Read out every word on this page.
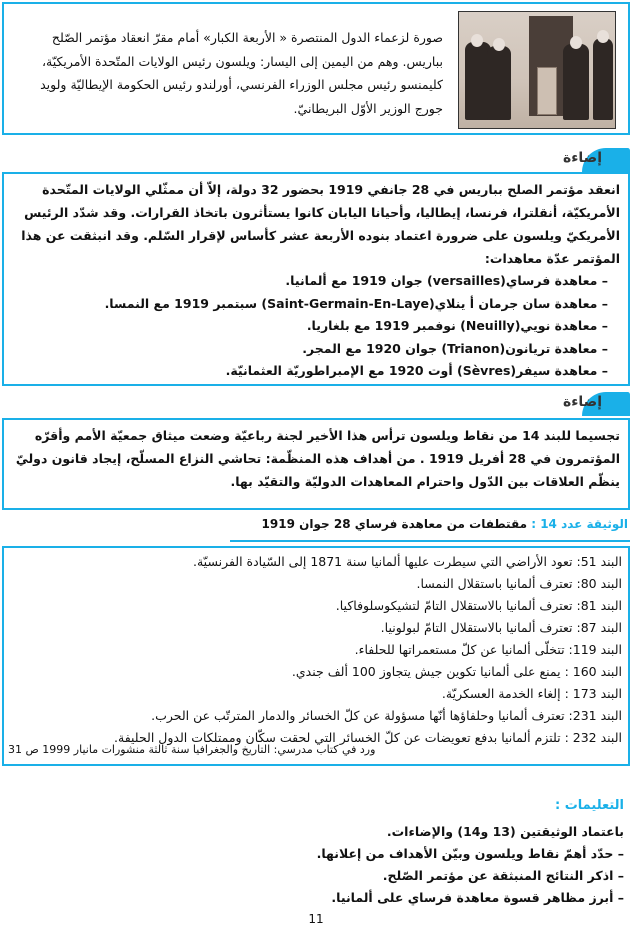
صورة لزعماء الدول المنتصرة « الأربعة الكبار» أمام مقرّ انعقاد مؤتمر الصّلح بباريس. وهم من اليمين إلى اليسار: ويلسون رئيس الولايات المتّحدة الأمريكيّة، كليمنسو رئيس مجلس الوزراء الفرنسي، أورلندو رئيس الحكومة الإيطاليّة ولويد جورج الوزير الأوّل البريطانيّ.
إضاءة

انعقد مؤتمر الصلح بباريس في 28 جانفي 1919 بحضور 32 دولة، إلاّ أن ممثّلي الولايات المتّحدة الأمريكيّة، أنقلترا، فرنسا، إيطاليا، وأحيانا اليابان كانوا يستأثرون باتخاذ القرارات. وقد شدّد الرئيس الأمريكيّ ويلسون على ضرورة اعتماد بنوده الأربعة عشر كأساس لإقرار السّلم. وقد انبثقت عن هذا المؤتمر عدّة معاهدات:

– معاهدة فرساي(versailles) جوان 1919 مع ألمانيا.
– معاهدة سان جرمان أ ينلاي(Saint-Germain-En-Laye) سبتمبر 1919 مع النمسا.
– معاهدة نويي(Neuilly) نوفمبر 1919 مع بلغاريا.
– معاهدة تريانون(Trianon) جوان 1920 مع المجر.
– معاهدة سيفر(Sèvres) أوت 1920 مع الإمبراطوريّة العثمانيّة.
إضاءة

تجسيما للبند 14 من نقاط ويلسون ترأس هذا الأخير لجنة رباعيّة وضعت ميثاق جمعيّة الأمم وأقرّه المؤتمرون في 28 أفريل 1919 . من أهداف هذه المنظّمة: تحاشي النزاع المسلّح، إيجاد قانون دوليّ ينظّم العلاقات بين الدّول واحترام المعاهدات الدوليّة والتقيّد بها.

الوثيقة عدد 14 : مقتطفات من معاهدة فرساي 28 جوان 1919
البند 51: تعود الأراضي التي سيطرت عليها ألمانيا سنة 1871 إلى السّيادة الفرنسيّة.
البند 80: تعترف ألمانيا باستقلال النمسا.
البند 81: تعترف ألمانيا بالاستقلال التامّ لتشيكوسلوفاكيا.
البند 87: تعترف ألمانيا بالاستقلال التامّ لبولونيا.
البند 119: تتخلّى ألمانيا عن كلّ مستعمراتها للحلفاء.
البند 160 : يمنع على ألمانيا تكوين جيش يتجاوز 100 ألف جندي.
البند 173 : إلغاء الخدمة العسكريّة.
البند 231: تعترف ألمانيا وحلفاؤها أنّها مسؤولة عن كلّ الخسائر والدمار المترتّب عن الحرب.
البند 232 : تلتزم ألمانيا بدفع تعويضات عن كلّ الخسائر التي لحقت سكّان وممتلكات الدول الحليفة.
ورد في كتاب مدرسي: التاريخ والجغرافيا سنة ثالثة منشورات مانيار 1999 ص 31
التعليمات :
باعتماد الوثيقتين (13 و14) والإضاءات.
– حدّد أهمّ نقاط ويلسون وبيّن الأهداف من إعلانها.
– اذكر النتائج المنبثقة عن مؤتمر الصّلح.
– أبرز مظاهر قسوة معاهدة فرساي على ألمانيا.
11
